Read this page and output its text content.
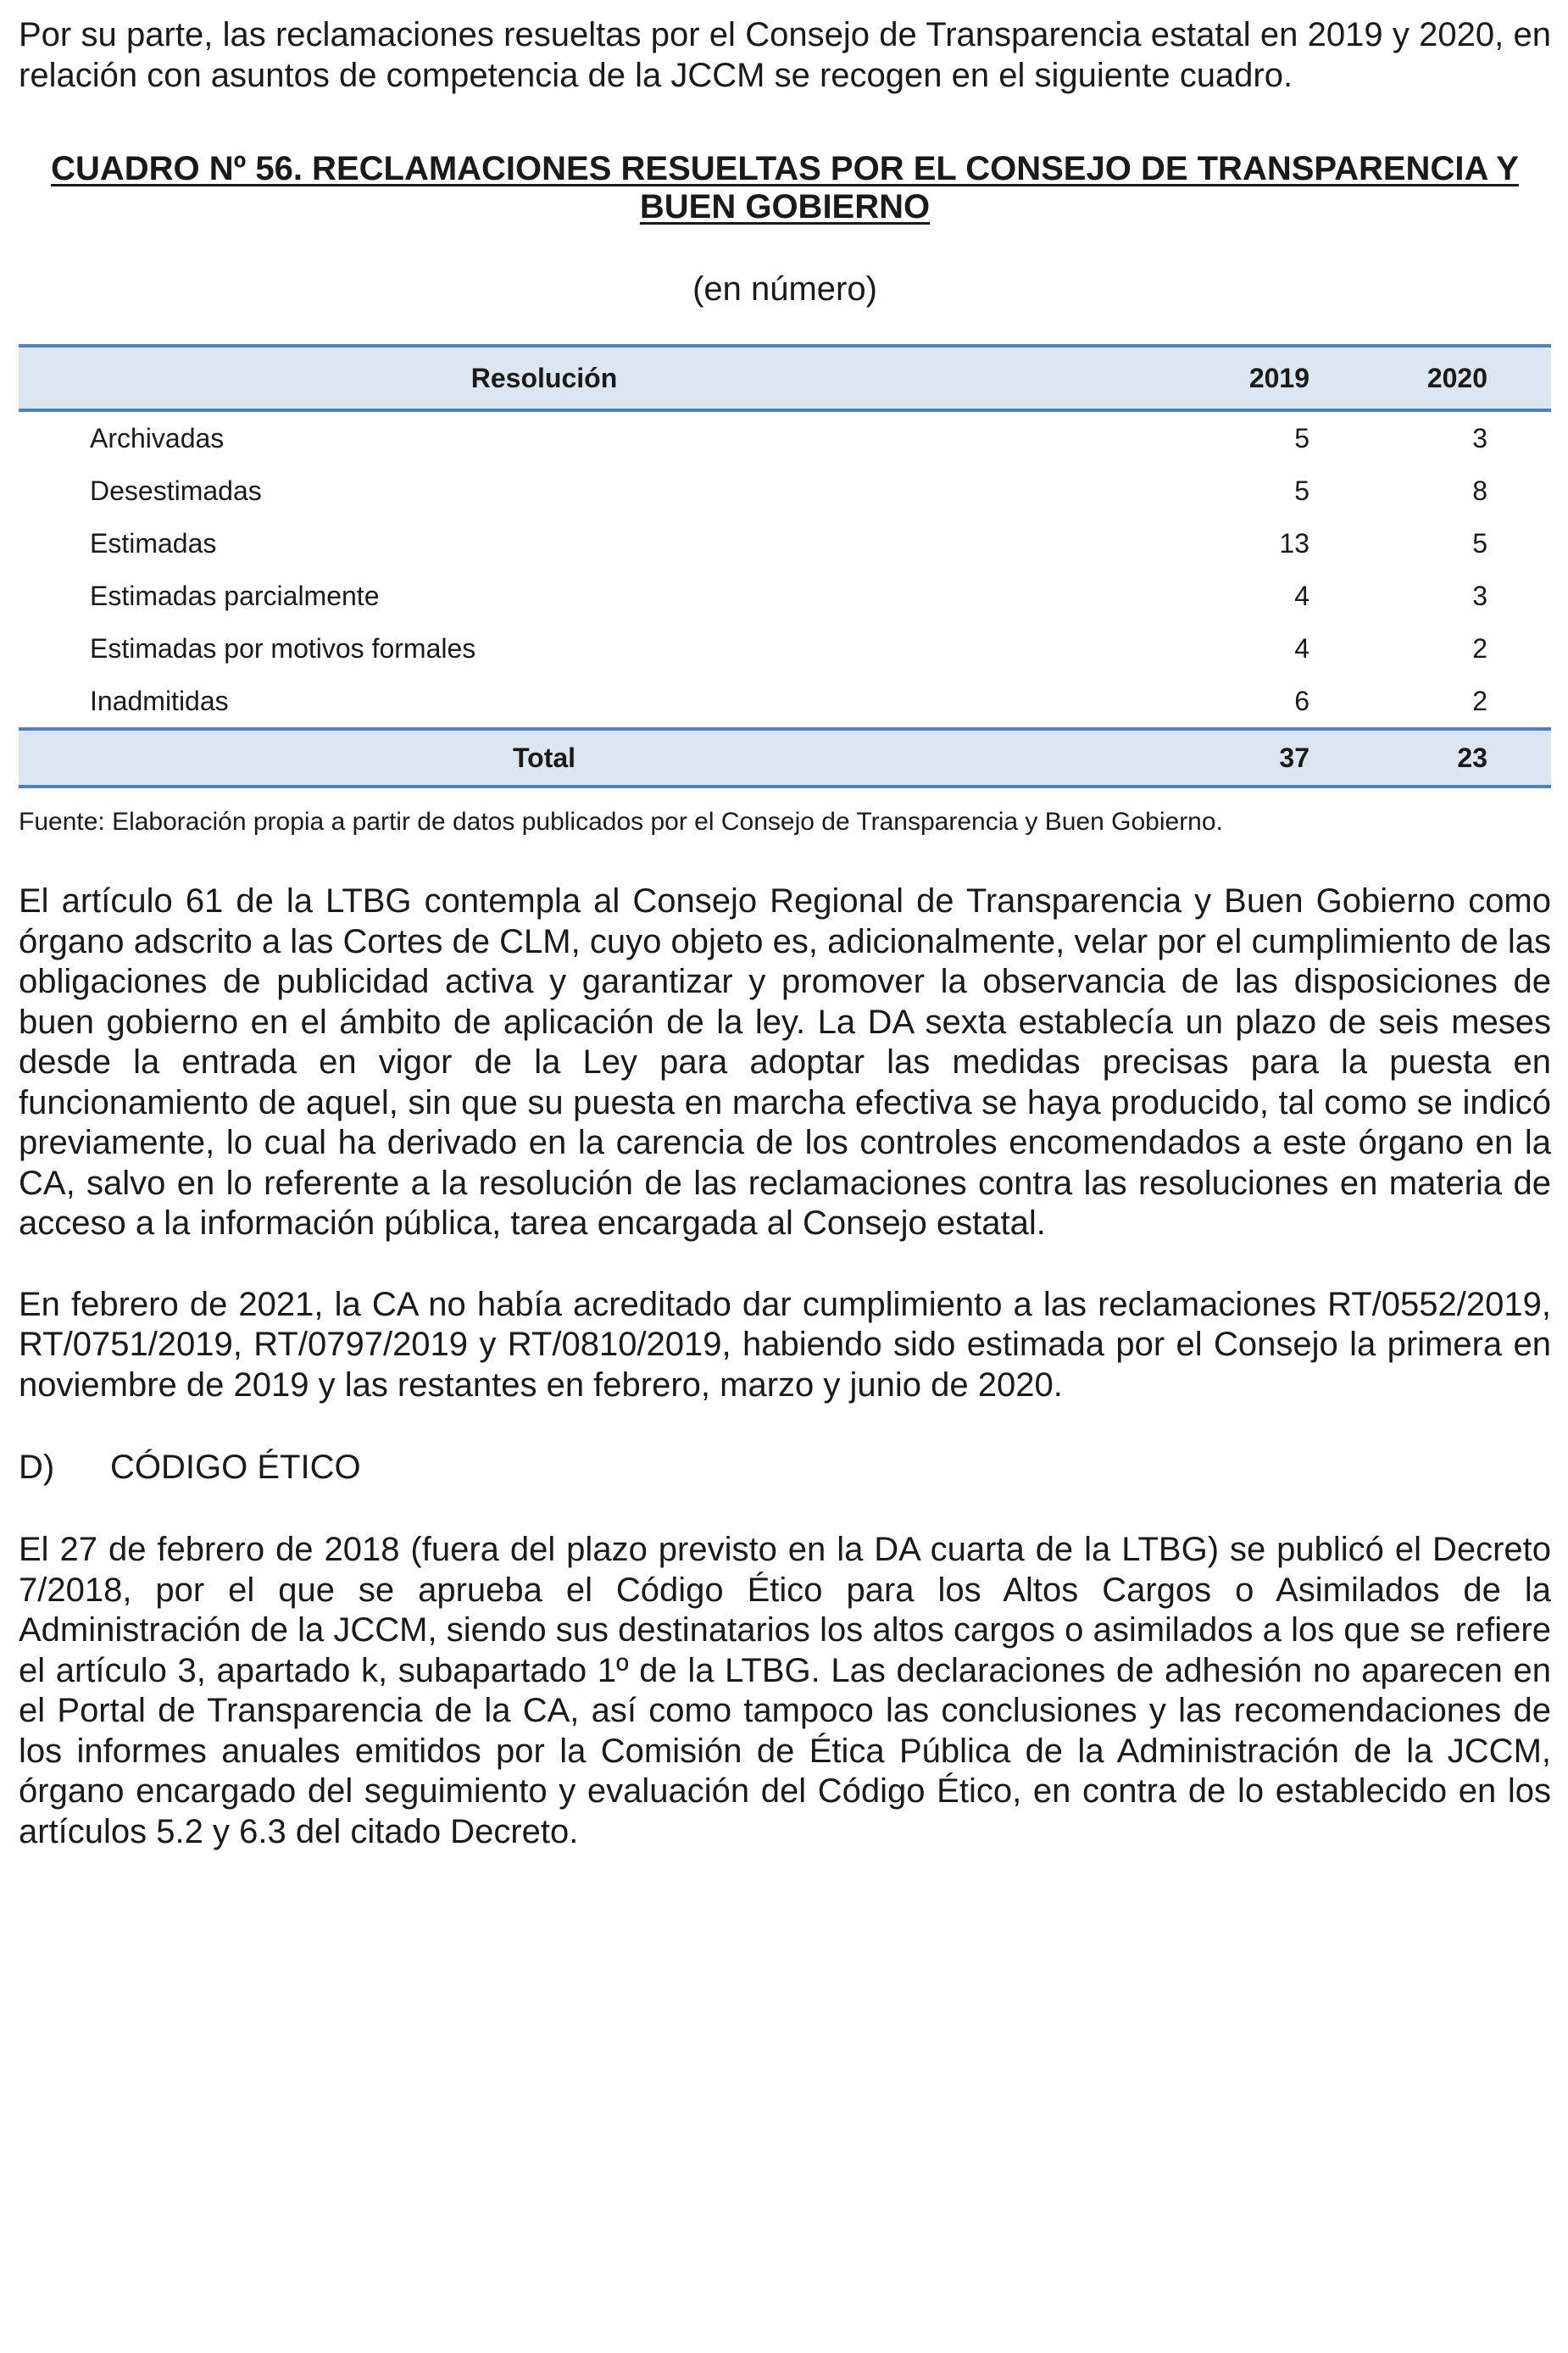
Por su parte, las reclamaciones resueltas por el Consejo de Transparencia estatal en 2019 y 2020, en relación con asuntos de competencia de la JCCM se recogen en el siguiente cuadro.

CUADRO Nº 56. RECLAMACIONES RESUELTAS POR EL CONSEJO DE TRANSPARENCIA Y

BUEN GOBIERNO

(en número)

Resolución	2019	2020
Archivadas	5	3
Desestimadas	5	8
Estimadas	13	5
Estimadas parcialmente	4	3
Estimadas por motivos formales	4	2
Inadmitidas	6	2
Total	37	23

Fuente: Elaboración propia a partir de datos publicados por el Consejo de Transparencia y Buen Gobierno.

El artículo 61 de la LTBG contempla al Consejo Regional de Transparencia y Buen Gobierno como órgano adscrito a las Cortes de CLM, cuyo objeto es, adicionalmente, velar por el cumplimiento de las obligaciones de publicidad activa y garantizar y promover la observancia de las disposiciones de buen gobierno en el ámbito de aplicación de la ley. La DA sexta establecía un plazo de seis meses desde la entrada en vigor de la Ley para adoptar las medidas precisas para la puesta en funcionamiento de aquel, sin que su puesta en marcha efectiva se haya producido, tal como se indicó previamente, lo cual ha derivado en la carencia de los controles encomendados a este órgano en la CA, salvo en lo referente a la resolución de las reclamaciones contra las resoluciones en materia de acceso a la información pública, tarea encargada al Consejo estatal.

En febrero de 2021, la CA no había acreditado dar cumplimiento a las reclamaciones RT/0552/2019, RT/0751/2019, RT/0797/2019 y RT/0810/2019, habiendo sido estimada por el Consejo la primera en noviembre de 2019 y las restantes en febrero, marzo y junio de 2020.

D) CÓDIGO ÉTICO

El 27 de febrero de 2018 (fuera del plazo previsto en la DA cuarta de la LTBG) se publicó el Decreto 7/2018, por el que se aprueba el Código Ético para los Altos Cargos o Asimilados de la Administración de la JCCM, siendo sus destinatarios los altos cargos o asimilados a los que se refiere el artículo 3, apartado k, subapartado 1º de la LTBG. Las declaraciones de adhesión no aparecen en el Portal de Transparencia de la CA, así como tampoco las conclusiones y las recomendaciones de los informes anuales emitidos por la Comisión de Ética Pública de la Administración de la JCCM, órgano encargado del seguimiento y evaluación del Código Ético, en contra de lo establecido en los artículos 5.2 y 6.3 del citado Decreto.
